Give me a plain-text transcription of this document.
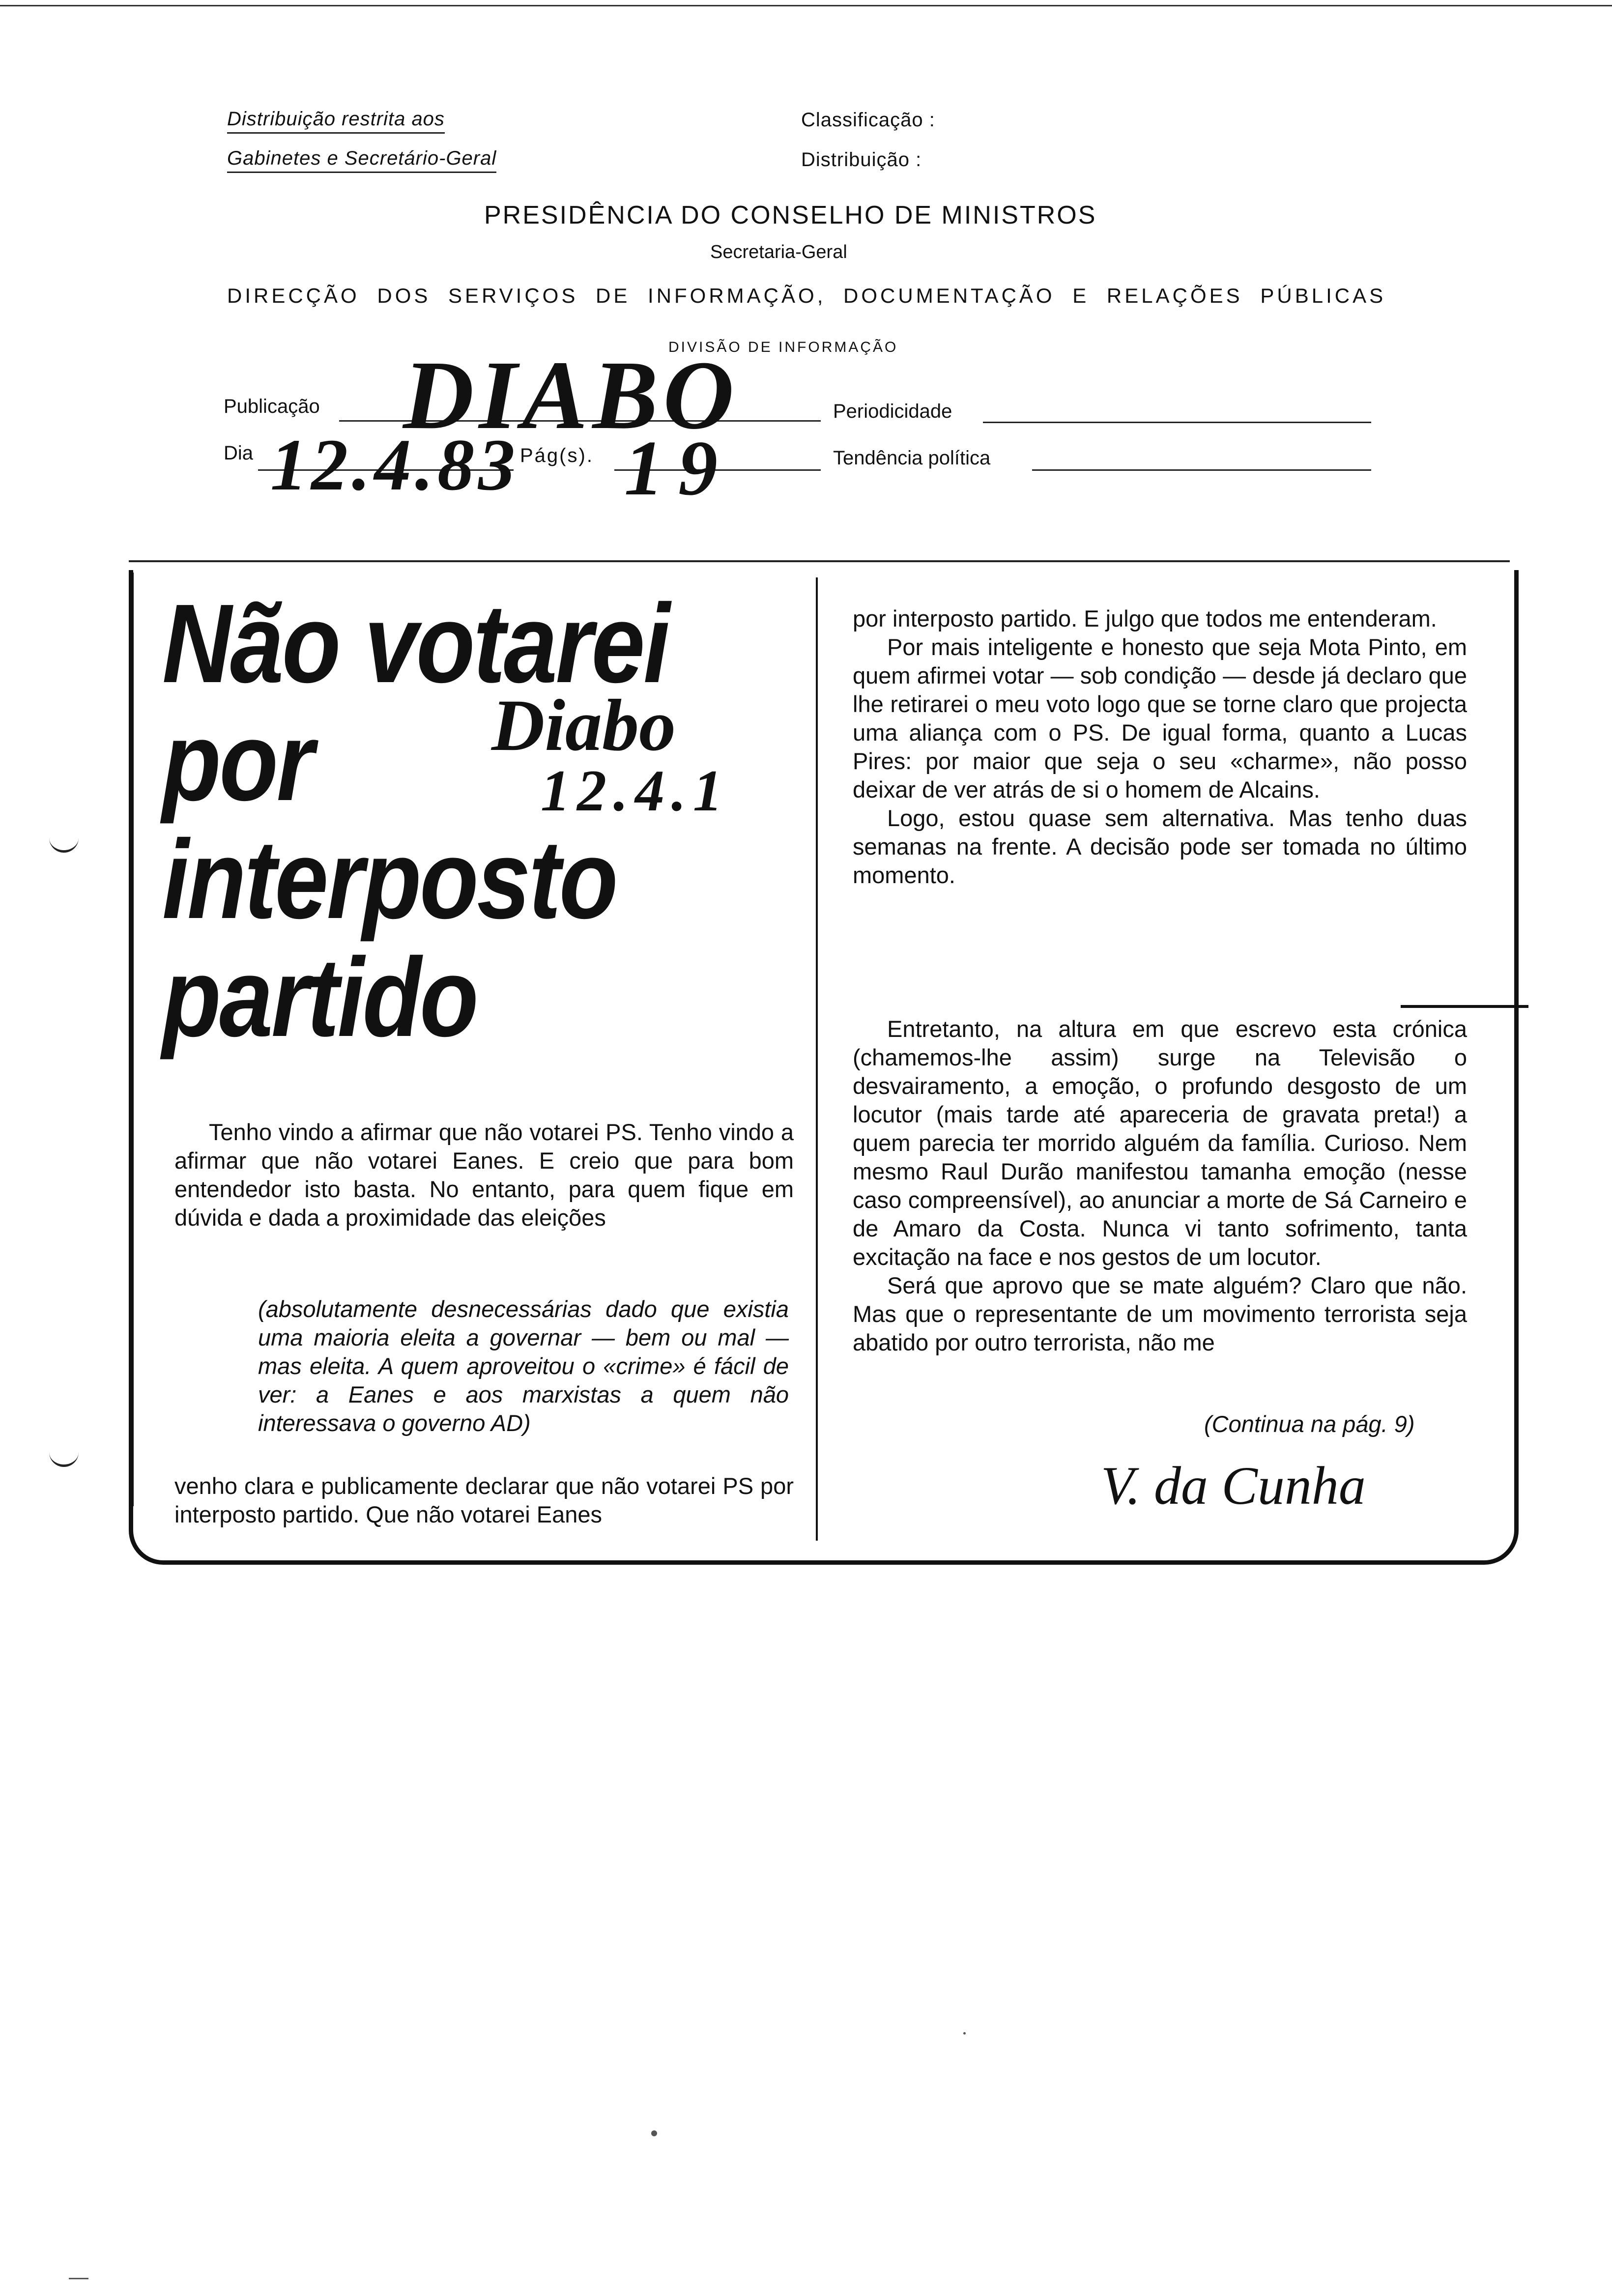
Distribuição restrita aos
Gabinetes e Secretário-Geral
Classificação :
Distribuição :
PRESIDÊNCIA DO CONSELHO DE MINISTROS
Secretaria-Geral
DIRECÇÃO DOS SERVIÇOS DE INFORMAÇÃO, DOCUMENTAÇÃO E RELAÇÕES PÚBLICAS
DIVISÃO DE INFORMAÇÃO
Publicação DIABO	Periodicidade
Dia 12.4.83 Pág(s). 19	Tendência política
Não votarei
por
interposto
partido
Diabo
12.4.1

Tenho vindo a afirmar que não votarei PS. Tenho vindo a afirmar que não votarei Eanes. E creio que para bom entendedor isto basta. No entanto, para quem fique em dúvida e dada a proximidade das eleições

(absolutamente desnecessárias dado que existia uma maioria eleita a governar — bem ou mal — mas eleita. A quem aproveitou o «crime» é fácil de ver: a Eanes e aos marxistas a quem não interessava o governo AD)

venho clara e publicamente declarar que não votarei PS por interposto partido. Que não votarei Eanes

por interposto partido. E julgo que todos me entenderam.

Por mais inteligente e honesto que seja Mota Pinto, em quem afirmei votar — sob condição — desde já declaro que lhe retirarei o meu voto logo que se torne claro que projecta uma aliança com o PS. De igual forma, quanto a Lucas Pires: por maior que seja o seu «charme», não posso deixar de ver atrás de si o homem de Alcains.

Logo, estou quase sem alternativa. Mas tenho duas semanas na frente. A decisão pode ser tomada no último momento.

Entretanto, na altura em que escrevo esta crónica (chamemos-lhe assim) surge na Televisão o desvairamento, a emoção, o profundo desgosto de um locutor (mais tarde até apareceria de gravata preta!) a quem parecia ter morrido alguém da família. Curioso. Nem mesmo Raul Durão manifestou tamanha emoção (nesse caso compreensível), ao anunciar a morte de Sá Carneiro e de Amaro da Costa. Nunca vi tanto sofrimento, tanta excitação na face e nos gestos de um locutor.

Será que aprovo que se mate alguém? Claro que não. Mas que o representante de um movimento terrorista seja abatido por outro terrorista, não me

(Continua na pág. 9)
V. da Cunha
